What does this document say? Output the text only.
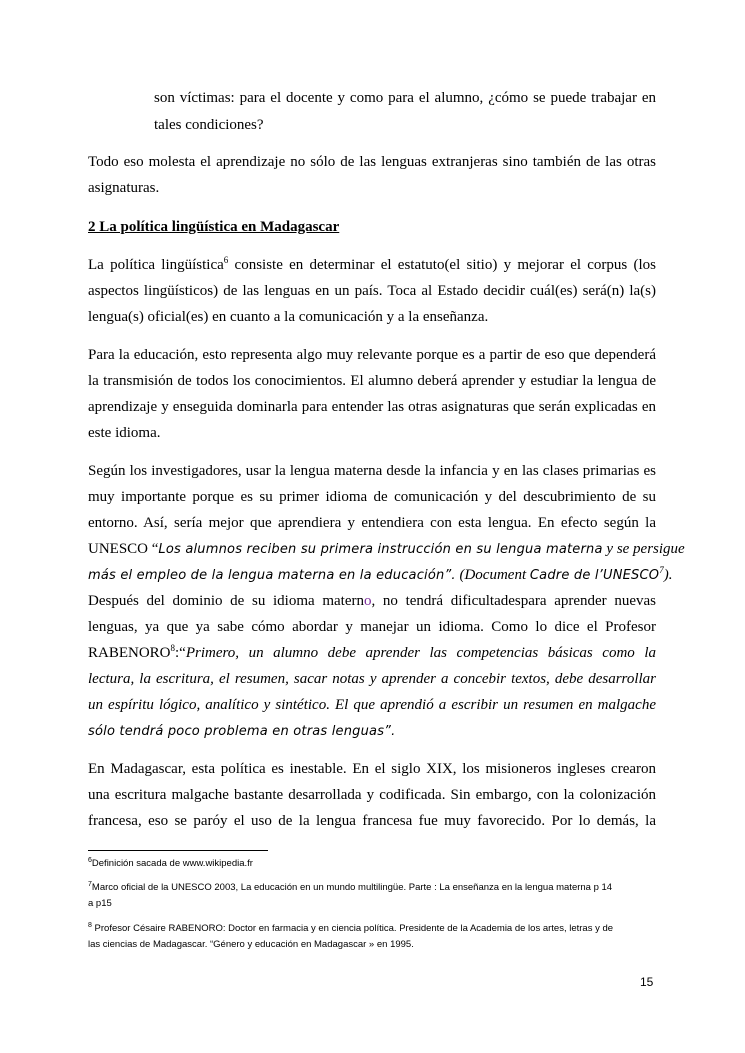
son víctimas: para el docente y como para el alumno, ¿cómo se puede trabajar en
tales condiciones?
Todo eso molesta el aprendizaje no sólo de las lenguas extranjeras sino también de las otras
asignaturas.
2 La política lingüística en Madagascar
La política lingüística$^6$ consiste en determinar el estatuto(el sitio) y mejorar el corpus (los
aspectos lingüísticos) de las lenguas en un país. Toca al Estado decidir cuál(es) será(n) la(s)
lengua(s) oficial(es) en cuanto a la comunicación y a la enseñanza.
Para la educación, esto representa algo muy relevante porque es a partir de eso que dependerá
la transmisión de todos los conocimientos. El alumno deberá aprender y estudiar la lengua de
aprendizaje y enseguida dominarla para entender las otras asignaturas que serán explicadas en
este idioma.
Según los investigadores, usar la lengua materna desde la infancia y en las clases primarias es
muy importante porque es su primer idioma de comunicación y del descubrimiento de su
entorno. Así, sería mejor que aprendiera y entendiera con esta lengua. En efecto según la
UNESCO “Los alumnos reciben su primera instrucción en su lengua materna y se persigue
más el empleo de la lengua materna en la educación”. (Document Cadre de l’UNESCO$^7$).
Después del dominio de su idioma materno, no tendrá dificultadespara aprender nuevas
lenguas, ya que ya sabe cómo abordar y manejar un idioma. Como lo dice el Profesor
RABENORO$^8$:“Primero, un alumno debe aprender las competencias básicas como la
lectura, la escritura, el resumen, sacar notas y aprender a concebir textos, debe desarrollar
un espíritu lógico, analítico y sintético. El que aprendió a escribir un resumen en malgache
sólo tendrá poco problema en otras lenguas”.
En Madagascar, esta política es inestable. En el siglo XIX, los misioneros ingleses crearon
una escritura malgache bastante desarrollada y codificada. Sin embargo, con la colonización
francesa, eso se paróy el uso de la lengua francesa fue muy favorecido. Por lo demás, la
$^6$Definición sacada de www.wikipedia.fr
$^7$Marco oficial de la UNESCO 2003, La educación en un mundo multilingüe. Parte : La enseñanza en la lengua materna p 14
a p15
$^8$ Profesor Césaire RABENORO: Doctor en farmacia y en ciencia política. Presidente de la Academia de los artes, letras y de
las ciencias de Madagascar. “Género y educación en Madagascar » en 1995.
15
